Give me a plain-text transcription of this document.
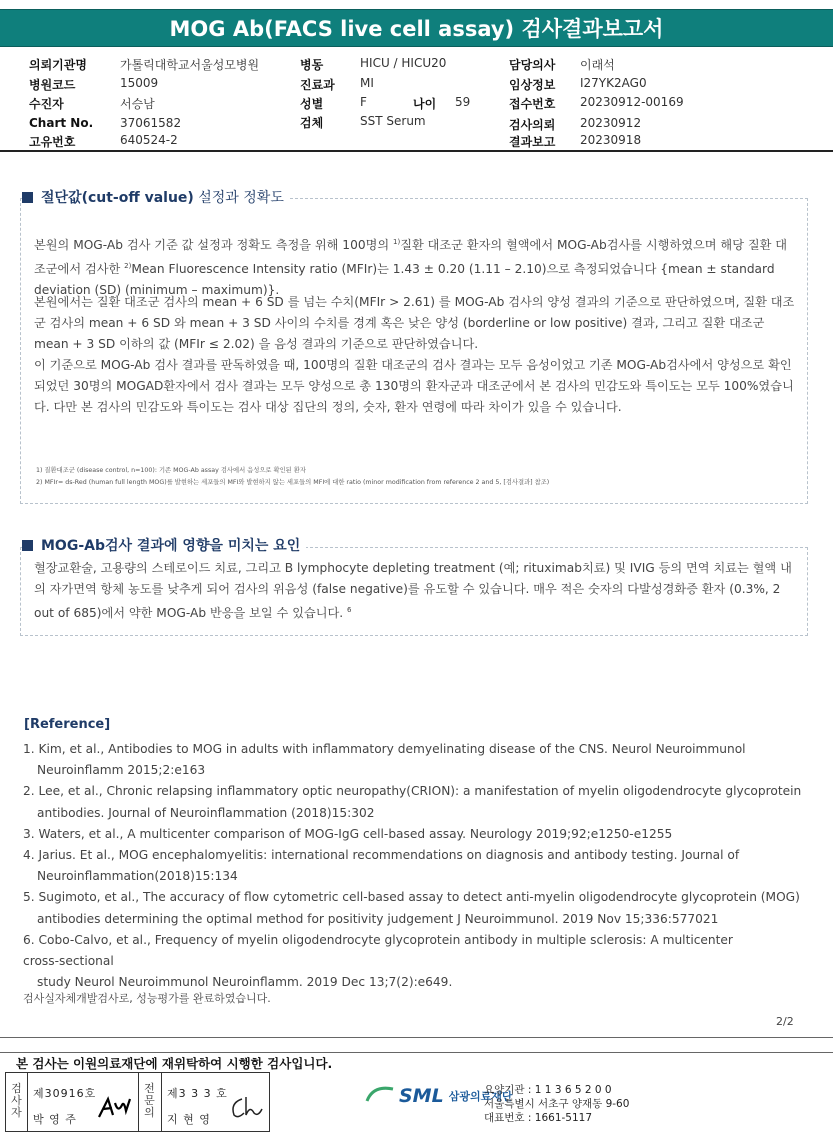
MOG Ab(FACS live cell assay) 검사결과보고서
의뢰기관명	가톨릭대학교서울성모병원
병원코드	15009
수진자	서승남
Chart No. 37061582
고유번호	640524-2
병동	HICU / HICU20
진료과 MI
성별	F	나이 59
검체	SST Serum
담당의사 이래석
임상정보 I27YK2AG0
접수번호 20230912-00169
검사의뢰 20230912
결과보고 20230918
절단값(cut-off value) 설정과 정확도
본원의 MOG-Ab 검사 기준 값 설정과 정확도 측정을 위해 100명의 $^{1)}$질환 대조군 환자의 혈액에서 MOG-Ab검사를 시행하였으며 해당 질환 대조군에서 검사한 $^{2)}$Mean Fluorescence Intensity ratio (MFIr)는 1.43 ± 0.20 (1.11 – 2.10)으로 측정되었습니다 {mean ± standard deviation (SD) (minimum – maximum)}.
본원에서는 질환 대조군 검사의 mean + 6 SD 를 넘는 수치(MFIr > 2.61) 를 MOG-Ab 검사의 양성 결과의 기준으로 판단하였으며, 질환 대조군 검사의 mean + 6 SD 와 mean + 3 SD 사이의 수치를 경계 혹은 낮은 양성 (borderline or low positive) 결과, 그리고 질환 대조군 mean + 3 SD 이하의 값 (MFIr ≤ 2.02) 을 음성 결과의 기준으로 판단하였습니다.
이 기준으로 MOG-Ab 검사 결과를 판독하였을 때, 100명의 질환 대조군의 검사 결과는 모두 음성이었고 기존 MOG-Ab검사에서 양성으로 확인되었던 30명의 MOGAD환자에서 검사 결과는 모두 양성으로 총 130명의 환자군과 대조군에서 본 검사의 민감도와 특이도는 모두 100%였습니다. 다만 본 검사의 민감도와 특이도는 검사 대상 집단의 정의, 숫자, 환자 연령에 따라 차이가 있을 수 있습니다.
1) 질환대조군 (disease control, n=100): 기존 MOG-Ab assay 검사에서 음성으로 확인된 환자
2) MFIr= ds-Red (human full length MOG)를 발현하는 세포들의 MFI와 발현하지 않는 세포들의 MFI에 대한 ratio (minor modification from reference 2 and 5, [검사결과] 참조)
MOG-Ab검사 결과에 영향을 미치는 요인
혈장교환술, 고용량의 스테로이드 치료, 그리고 B lymphocyte depleting treatment (예; rituximab치료) 및 IVIG 등의 면역 치료는 혈액 내의 자가면역 항체 농도를 낮추게 되어 검사의 위음성 (false negative)를 유도할 수 있습니다. 매우 적은 숫자의 다발성경화증 환자 (0.3%, 2 out of 685)에서 약한 MOG-Ab 반응을 보일 수 있습니다. $^6$
[Reference]
1. Kim, et al., Antibodies to MOG in adults with inflammatory demyelinating disease of the CNS. Neurol Neuroimmunol Neuroinflamm 2015;2:e163
2. Lee, et al., Chronic relapsing inflammatory optic neuropathy(CRION): a manifestation of myelin oligodendrocyte glycoprotein antibodies. Journal of Neuroinflammation (2018)15:302
3. Waters, et al., A multicenter comparison of MOG-IgG cell-based assay. Neurology 2019;92;e1250-e1255
4. Jarius. Et al., MOG encephalomyelitis: international recommendations on diagnosis and antibody testing. Journal of Neuroinflammation(2018)15:134
5. Sugimoto, et al., The accuracy of flow cytometric cell-based assay to detect anti-myelin oligodendrocyte glycoprotein (MOG) antibodies determining the optimal method for positivity judgement J Neuroimmunol. 2019 Nov 15;336:577021
6. Cobo-Calvo, et al., Frequency of myelin oligodendrocyte glycoprotein antibody in multiple sclerosis: A multicenter
cross-sectional
study Neurol Neuroimmunol Neuroinflamm. 2019 Dec 13;7(2):e649.
검사실자체개발검사로, 성능평가를 완료하였습니다.
2/2
본 검사는 이원의료재단에 재위탁하여 시행한 검사입니다.
검사자
제30916호
박 영 주
전문의
제3 3 3 호
지 현 영
SML 삼광의료재단
요양기관 : 1 1 3 6 5 2 0 0
서울특별시 서초구 양재동 9-60
대표번호 : 1661-5117
